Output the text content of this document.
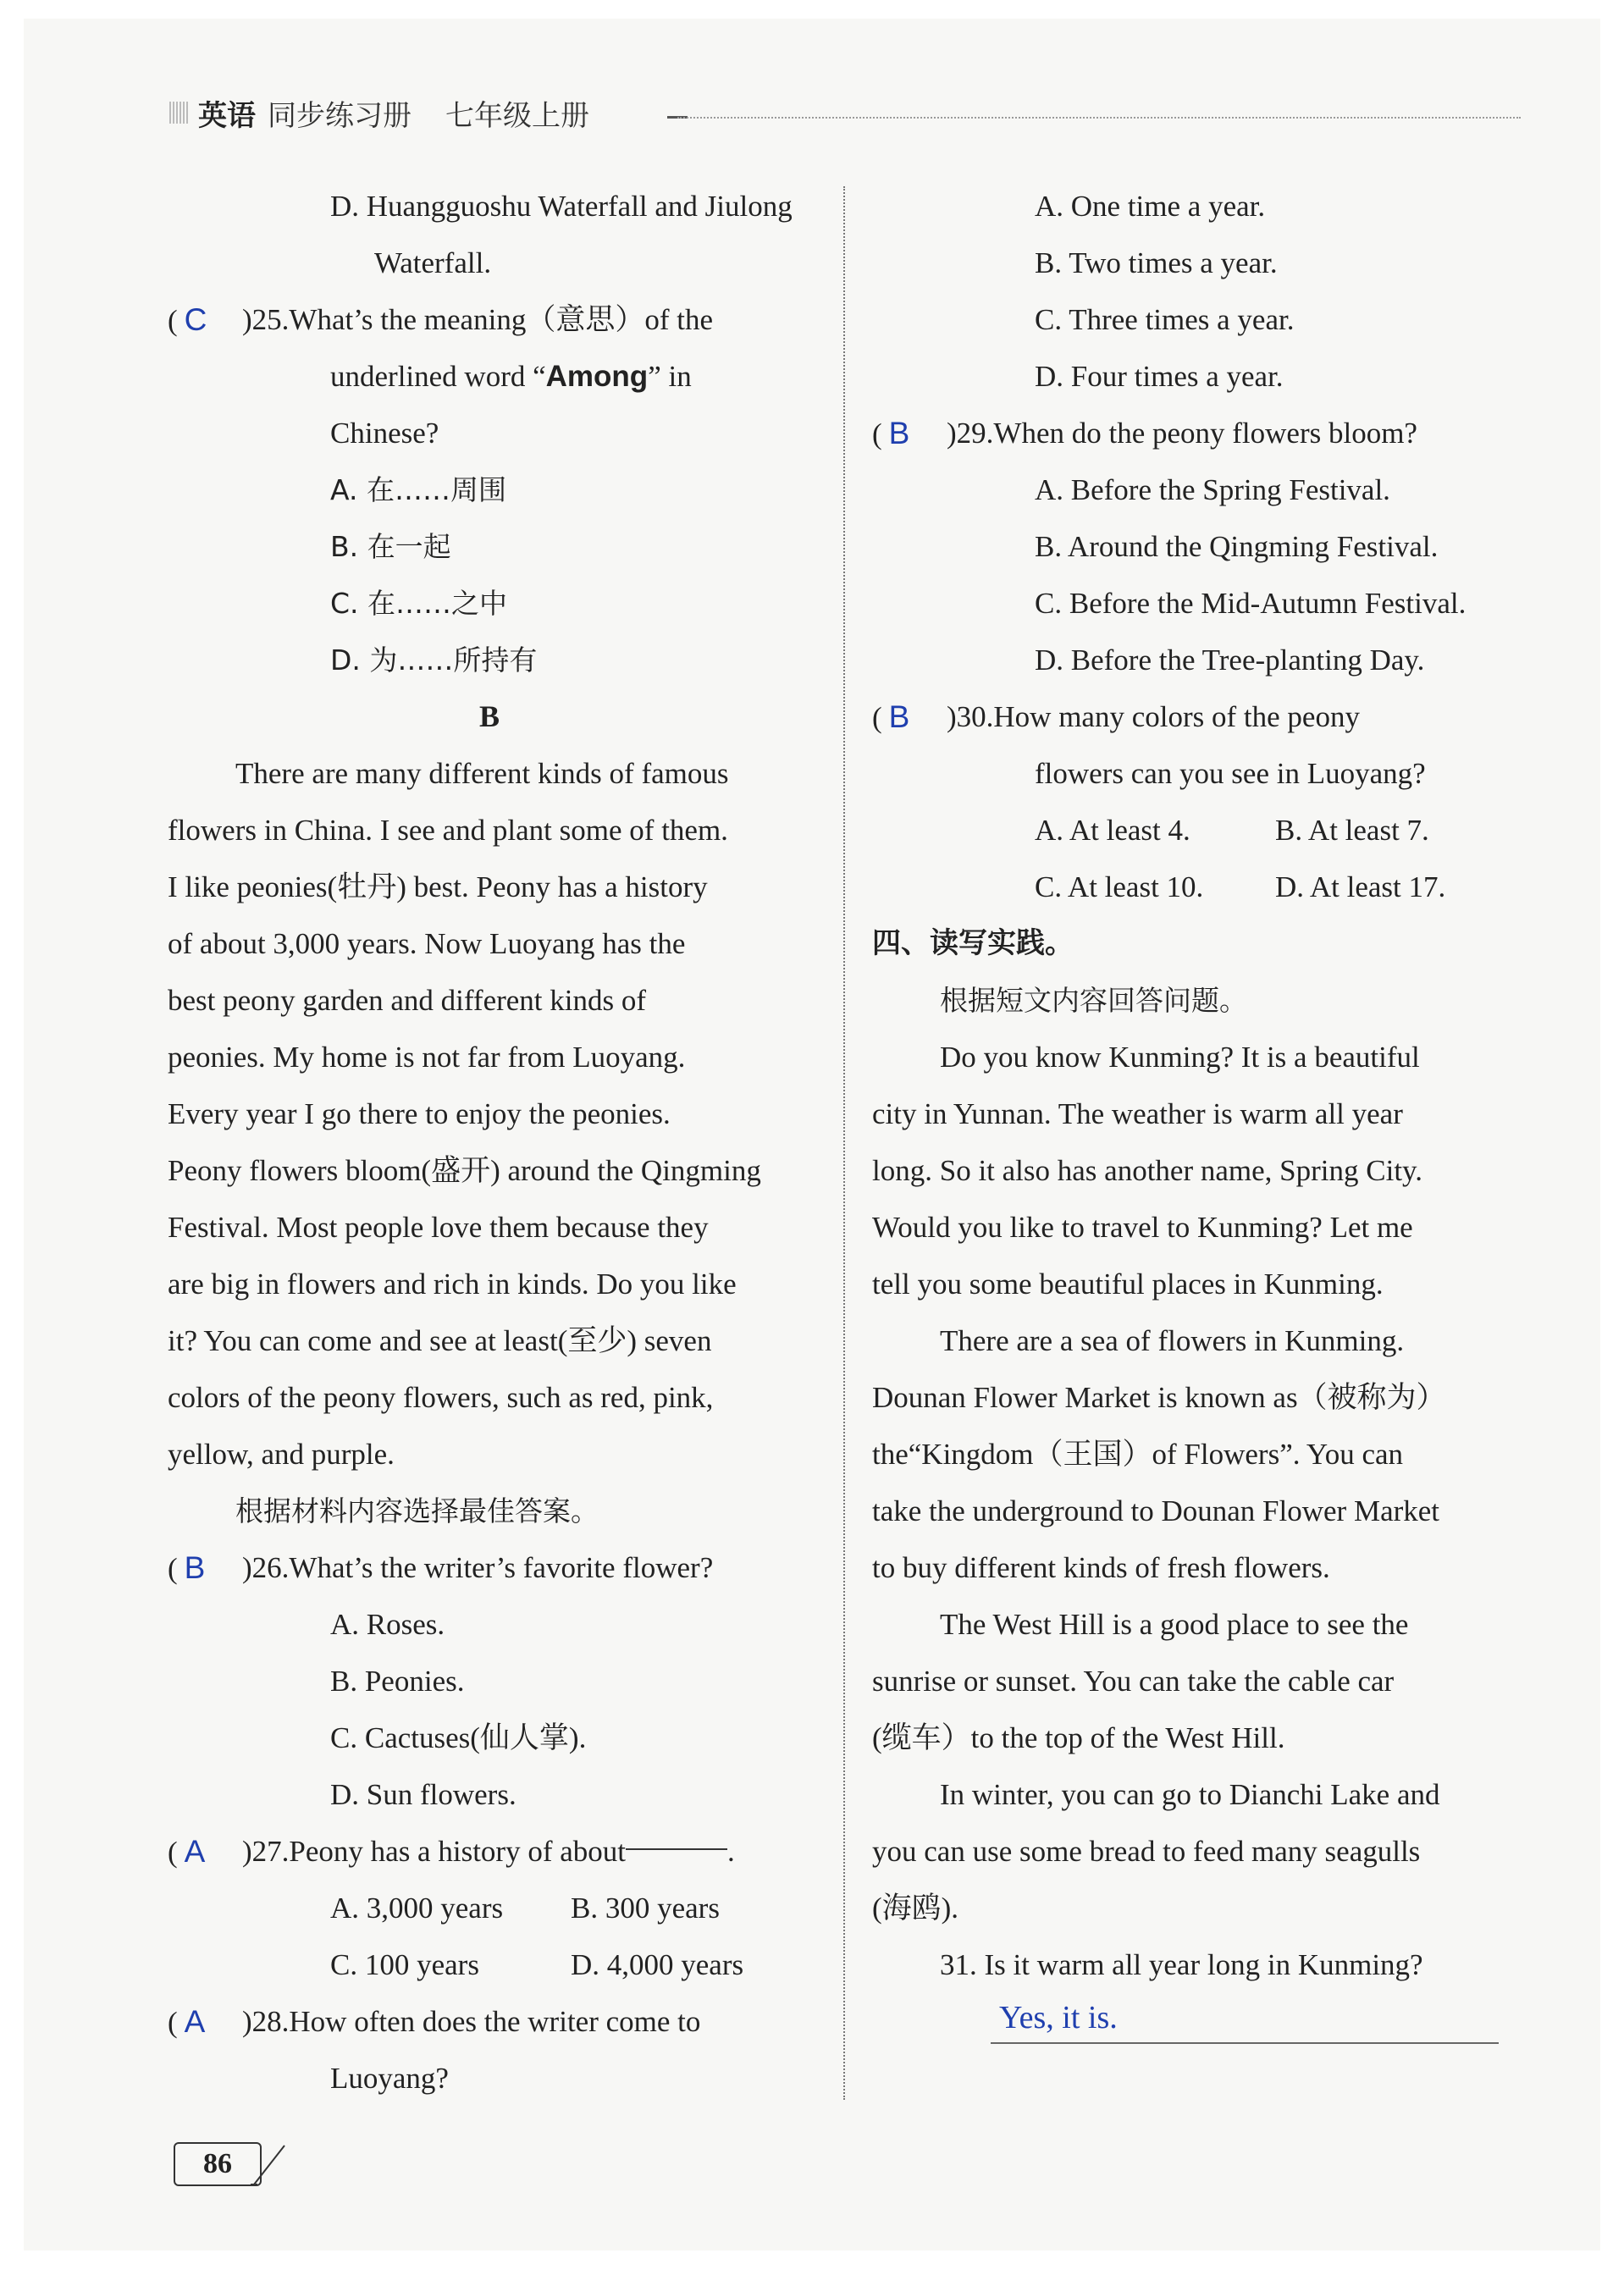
英语 同步练习册 七年级上册
D. Huangguoshu Waterfall and Jiulong
Waterfall.
( C	)25. What’s the meaning（意思）of the
underlined word “Among” in
Chinese?
A. 在……周围
B. 在一起
C. 在……之中
D. 为……所持有
B
There are many different kinds of famous
flowers in China. I see and plant some of them.
I like peonies(牡丹) best. Peony has a history
of about 3,000 years. Now Luoyang has the
best peony garden and different kinds of
peonies. My home is not far from Luoyang.
Every year I go there to enjoy the peonies.
Peony flowers bloom(盛开) around the Qingming
Festival. Most people love them because they
are big in flowers and rich in kinds. Do you like
it? You can come and see at least(至少) seven
colors of the peony flowers, such as red, pink,
yellow, and purple.
根据材料内容选择最佳答案。
( B	)26. What’s the writer’s favorite flower?
A. Roses.
B. Peonies.
C. Cactuses(仙人掌).
D. Sun flowers.
( A	)27. Peony has a history of about	.
A. 3,000 years	B. 300 years
C. 100 years	D. 4,000 years
( A	)28. How often does the writer come to
Luoyang?
A. One time a year.
B. Two times a year.
C. Three times a year.
D. Four times a year.
( B	)29. When do the peony flowers bloom?
A. Before the Spring Festival.
B. Around the Qingming Festival.
C. Before the Mid-Autumn Festival.
D. Before the Tree-planting Day.
( B	)30. How many colors of the peony
flowers can you see in Luoyang?
A. At least 4.	B. At least 7.
C. At least 10.	D. At least 17.
四、读写实践。
根据短文内容回答问题。
Do you know Kunming? It is a beautiful
city in Yunnan. The weather is warm all year
long. So it also has another name, Spring City.
Would you like to travel to Kunming? Let me
tell you some beautiful places in Kunming.
There are a sea of flowers in Kunming.
Dounan Flower Market is known as（被称为）
the“Kingdom（王国）of Flowers”. You can
take the underground to Dounan Flower Market
to buy different kinds of fresh flowers.
The West Hill is a good place to see the
sunrise or sunset. You can take the cable car
(缆车）to the top of the West Hill.
In winter, you can go to Dianchi Lake and
you can use some bread to feed many seagulls
(海鸥).
31. Is it warm all year long in Kunming?
Yes, it is.
86
